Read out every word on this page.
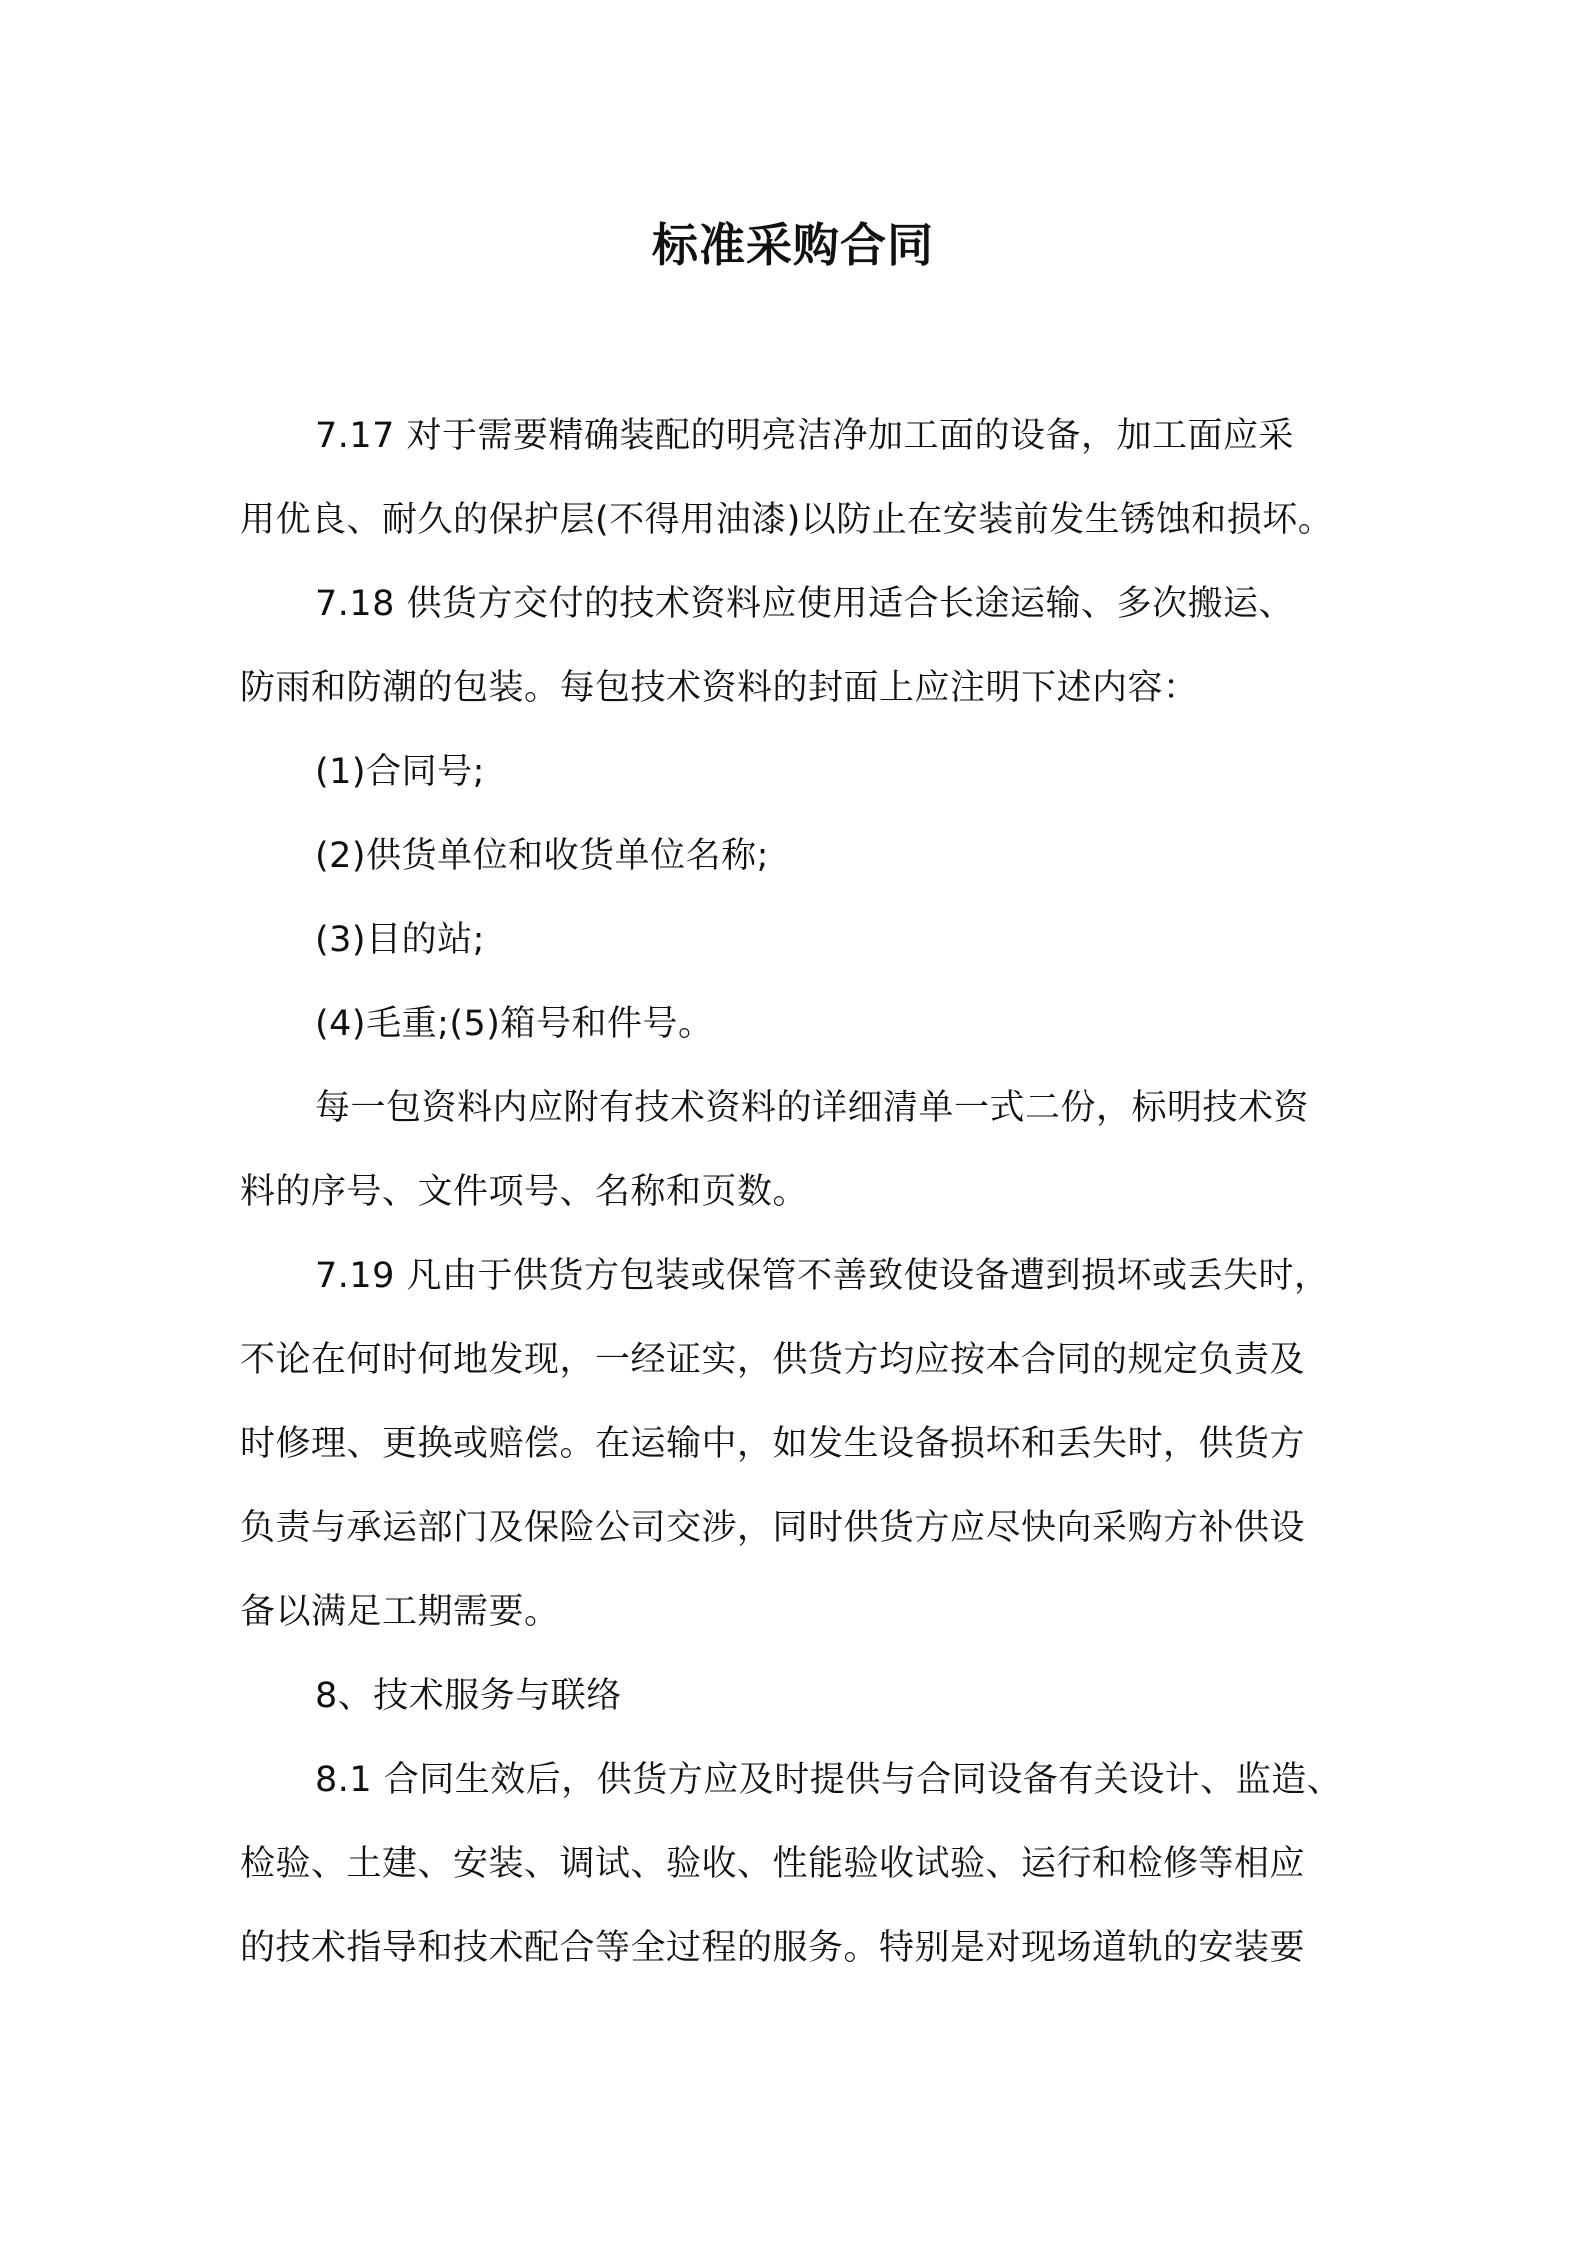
标准采购合同
7.17 对于需要精确装配的明亮洁净加工面的设备，加工面应采
用优良、耐久的保护层(不得用油漆)以防止在安装前发生锈蚀和损坏。
7.18 供货方交付的技术资料应使用适合长途运输、多次搬运、
防雨和防潮的包装。每包技术资料的封面上应注明下述内容：
(1)合同号;
(2)供货单位和收货单位名称;
(3)目的站;
(4)毛重;(5)箱号和件号。
每一包资料内应附有技术资料的详细清单一式二份，标明技术资
料的序号、文件项号、名称和页数。
7.19 凡由于供货方包装或保管不善致使设备遭到损坏或丢失时，
不论在何时何地发现，一经证实，供货方均应按本合同的规定负责及
时修理、更换或赔偿。在运输中，如发生设备损坏和丢失时，供货方
负责与承运部门及保险公司交涉，同时供货方应尽快向采购方补供设
备以满足工期需要。
8、技术服务与联络
8.1 合同生效后，供货方应及时提供与合同设备有关设计、监造、
检验、土建、安装、调试、验收、性能验收试验、运行和检修等相应
的技术指导和技术配合等全过程的服务。特别是对现场道轨的安装要
